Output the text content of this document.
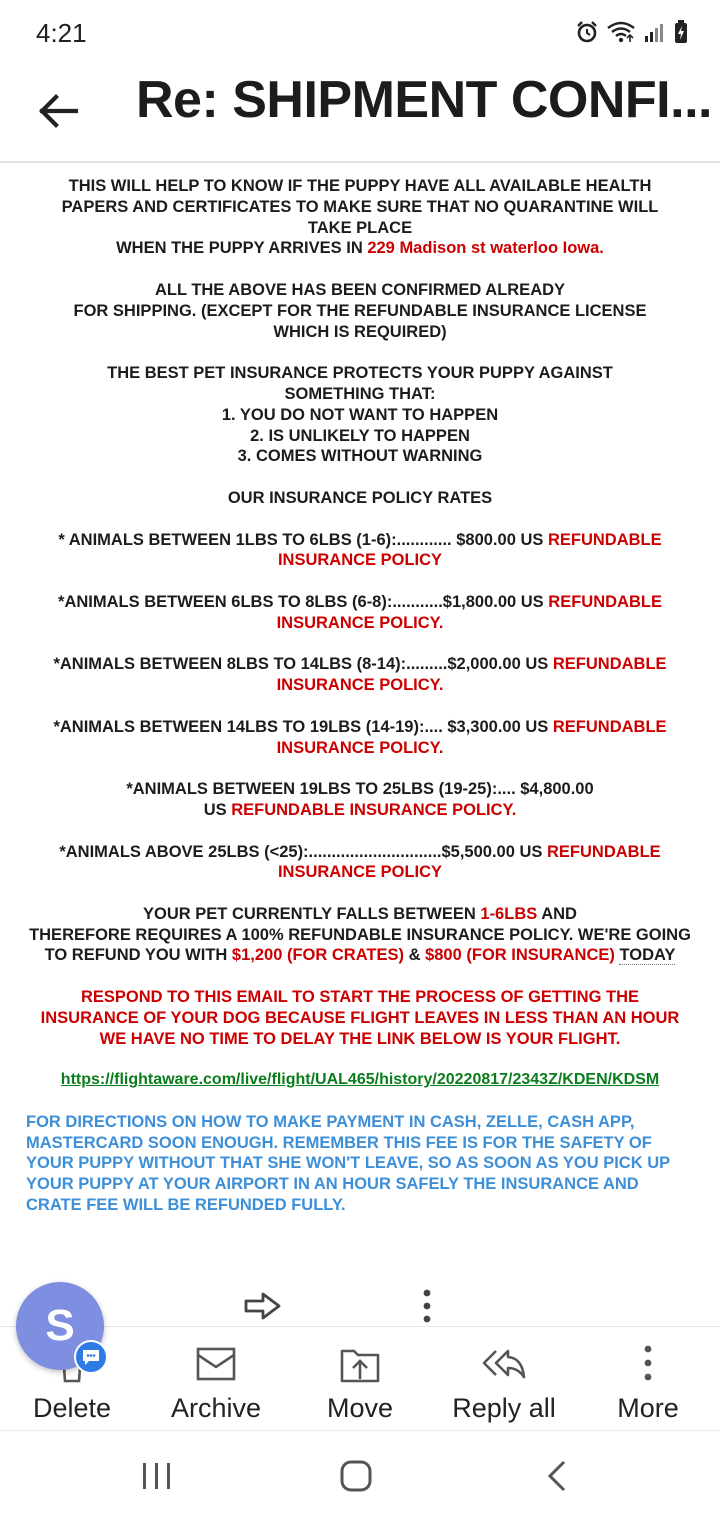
4:21
Re: SHIPMENT CONFI...

THIS WILL HELP TO KNOW IF THE PUPPY HAVE ALL AVAILABLE HEALTH

PAPERS AND CERTIFICATES TO MAKE SURE THAT NO QUARANTINE WILL

TAKE PLACE

WHEN THE PUPPY ARRIVES IN 229 Madison st waterloo Iowa.

ALL THE ABOVE HAS BEEN CONFIRMED ALREADY

FOR SHIPPING. (EXCEPT FOR THE REFUNDABLE INSURANCE LICENSE

WHICH IS REQUIRED)

THE BEST PET INSURANCE PROTECTS YOUR PUPPY AGAINST

SOMETHING THAT:

1. YOU DO NOT WANT TO HAPPEN

2. IS UNLIKELY TO HAPPEN

3. COMES WITHOUT WARNING

OUR INSURANCE POLICY RATES

* ANIMALS BETWEEN 1LBS TO 6LBS (1-6):............ $800.00 US REFUNDABLE

INSURANCE POLICY

*ANIMALS BETWEEN 6LBS TO 8LBS (6-8):...........$1,800.00 US REFUNDABLE

INSURANCE POLICY.

*ANIMALS BETWEEN 8LBS TO 14LBS (8-14):.........$2,000.00 US REFUNDABLE

INSURANCE POLICY.

*ANIMALS BETWEEN 14LBS TO 19LBS (14-19):.... $3,300.00 US REFUNDABLE

INSURANCE POLICY.

*ANIMALS BETWEEN 19LBS TO 25LBS (19-25):.... $4,800.00

US REFUNDABLE INSURANCE POLICY.

*ANIMALS ABOVE 25LBS (<25):.............................$5,500.00 US REFUNDABLE

INSURANCE POLICY

YOUR PET CURRENTLY FALLS BETWEEN 1-6LBS AND

THEREFORE REQUIRES A 100% REFUNDABLE INSURANCE POLICY. WE'RE GOING

TO REFUND YOU WITH $1,200 (FOR CRATES) & $800 (FOR INSURANCE) TODAY

RESPOND TO THIS EMAIL TO START THE PROCESS OF GETTING THE

INSURANCE OF YOUR DOG BECAUSE FLIGHT LEAVES IN LESS THAN AN HOUR

WE HAVE NO TIME TO DELAY THE LINK BELOW IS YOUR FLIGHT.

https://flightaware.com/live/flight/UAL465/history/20220817/2343Z/KDEN/KDSM

FOR DIRECTIONS ON HOW TO MAKE PAYMENT IN CASH, ZELLE, CASH APP,

MASTERCARD SOON ENOUGH. REMEMBER THIS FEE IS FOR THE SAFETY OF

YOUR PUPPY WITHOUT THAT SHE WON'T LEAVE, SO AS SOON AS YOU PICK UP

YOUR PUPPY AT YOUR AIRPORT IN AN HOUR SAFELY THE INSURANCE AND

CRATE FEE WILL BE REFUNDED FULLY.

Delete	Archive	Move	Reply all	More
S
